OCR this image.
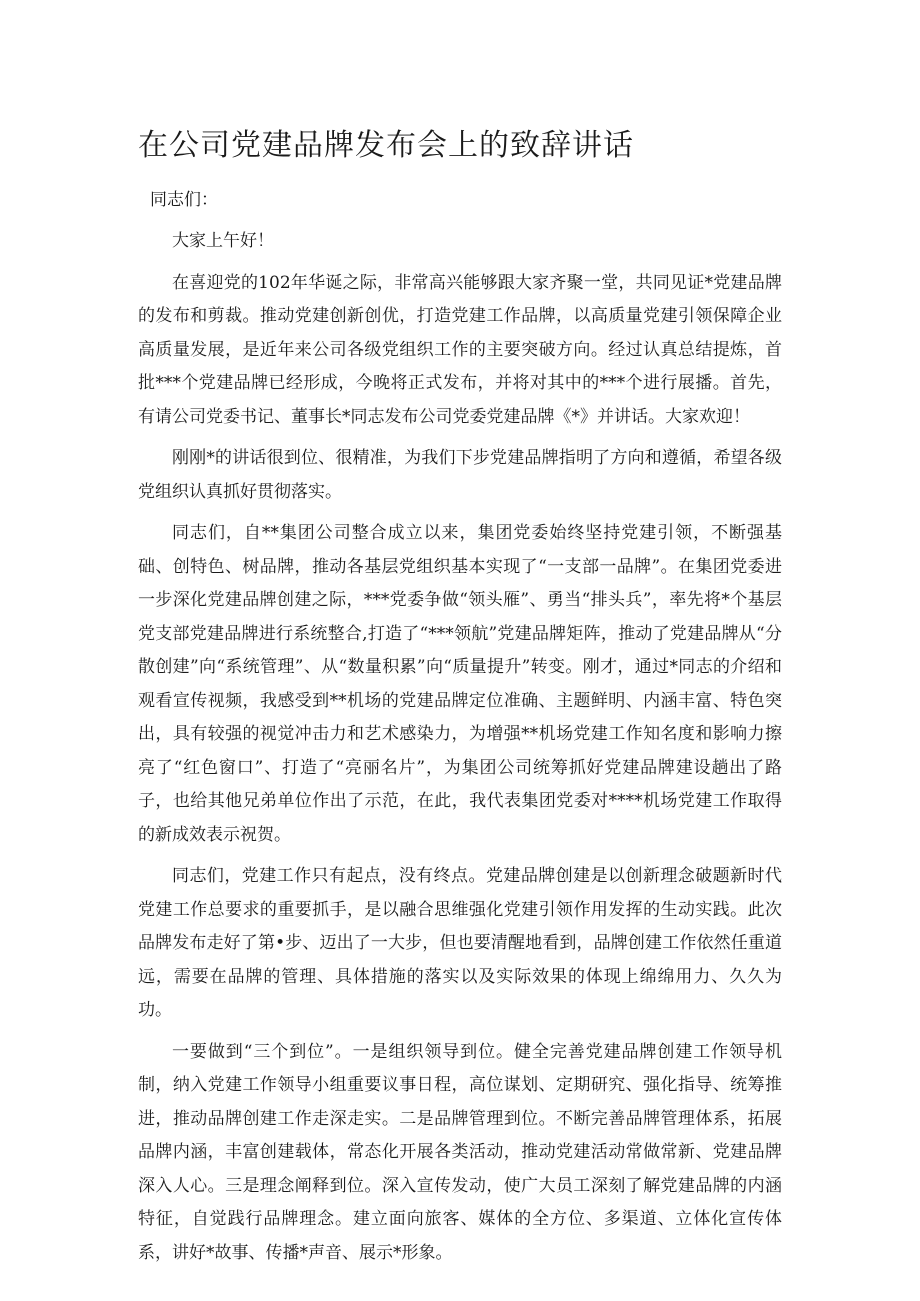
在公司党建品牌发布会上的致辞讲话

同志们：

大家上午好！

在喜迎党的102年华诞之际，非常高兴能够跟大家齐聚一堂，共同见证*党建品牌的发布和剪裁。推动党建创新创优，打造党建工作品牌，以高质量党建引领保障企业高质量发展，是近年来公司各级党组织工作的主要突破方向。经过认真总结提炼，首批***个党建品牌已经形成，今晚将正式发布，并将对其中的***个进行展播。首先，有请公司党委书记、董事长*同志发布公司党委党建品牌《*》并讲话。大家欢迎！

刚刚*的讲话很到位、很精准，为我们下步党建品牌指明了方向和遵循，希望各级党组织认真抓好贯彻落实。

同志们，自**集团公司整合成立以来，集团党委始终坚持党建引领，不断强基础、创特色、树品牌，推动各基层党组织基本实现了“一支部一品牌”。在集团党委进一步深化党建品牌创建之际，***党委争做“领头雁”、勇当“排头兵”，率先将*个基层党支部党建品牌进行系统整合,打造了“***领航”党建品牌矩阵，推动了党建品牌从“分散创建”向“系统管理”、从“数量积累”向“质量提升”转变。刚才，通过*同志的介绍和观看宣传视频，我感受到**机场的党建品牌定位准确、主题鲜明、内涵丰富、特色突出，具有较强的视觉冲击力和艺术感染力，为增强**机场党建工作知名度和影响力擦亮了“红色窗口”、打造了“亮丽名片”，为集团公司统筹抓好党建品牌建设趟出了路子，也给其他兄弟单位作出了示范，在此，我代表集团党委对****机场党建工作取得的新成效表示祝贺。

同志们，党建工作只有起点，没有终点。党建品牌创建是以创新理念破题新时代党建工作总要求的重要抓手，是以融合思维强化党建引领作用发挥的生动实践。此次品牌发布走好了第•步、迈出了一大步，但也要清醒地看到，品牌创建工作依然任重道远，需要在品牌的管理、具体措施的落实以及实际效果的体现上绵绵用力、久久为功。

一要做到“三个到位”。一是组织领导到位。健全完善党建品牌创建工作领导机制，纳入党建工作领导小组重要议事日程，高位谋划、定期研究、强化指导、统筹推进，推动品牌创建工作走深走实。二是品牌管理到位。不断完善品牌管理体系，拓展品牌内涵，丰富创建载体，常态化开展各类活动，推动党建活动常做常新、党建品牌深入人心。三是理念阐释到位。深入宣传发动，使广大员工深刻了解党建品牌的内涵特征，自觉践行品牌理念。建立面向旅客、媒体的全方位、多渠道、立体化宣传体系，讲好*故事、传播*声音、展示*形象。
